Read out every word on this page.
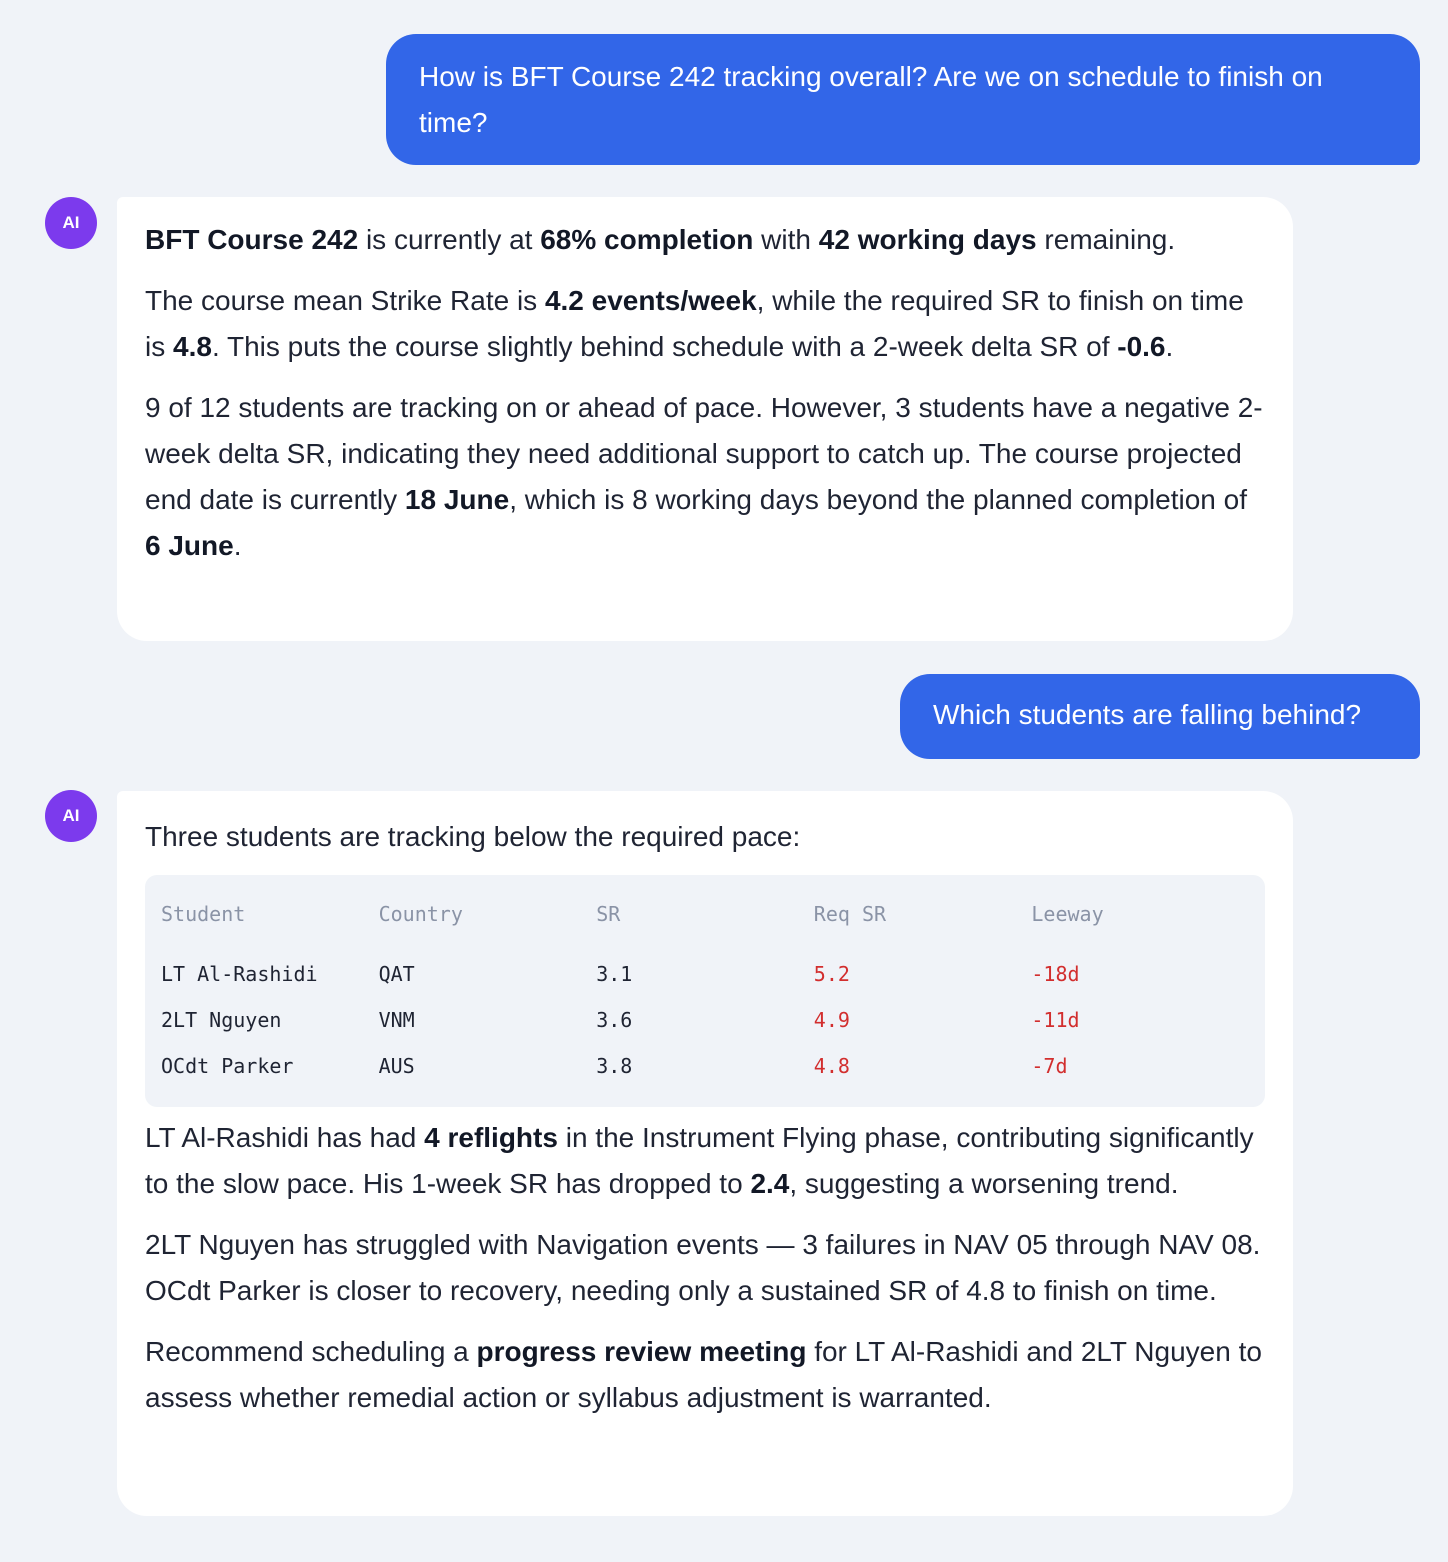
How is BFT Course 242 tracking overall? Are we on schedule to finish on time?
AI

BFT Course 242 is currently at 68% completion with 42 working days remaining.

The course mean Strike Rate is 4.2 events/week, while the required SR to finish on time is 4.8. This puts the course slightly behind schedule with a 2-week delta SR of -0.6.

9 of 12 students are tracking on or ahead of pace. However, 3 students have a negative 2-week delta SR, indicating they need additional support to catch up. The course projected end date is currently 18 June, which is 8 working days beyond the planned completion of 6 June.

Which students are falling behind?
AI

Three students are tracking below the required pace:

Student	Country	SR	Req SR	Leeway
LT Al-Rashidi	QAT	3.1	5.2	-18d
2LT Nguyen	VNM	3.6	4.9	-11d
OCdt Parker	AUS	3.8	4.8	-7d

LT Al-Rashidi has had 4 reflights in the Instrument Flying phase, contributing significantly to the slow pace. His 1-week SR has dropped to 2.4, suggesting a worsening trend.

2LT Nguyen has struggled with Navigation events — 3 failures in NAV 05 through NAV 08. OCdt Parker is closer to recovery, needing only a sustained SR of 4.8 to finish on time.

Recommend scheduling a progress review meeting for LT Al-Rashidi and 2LT Nguyen to assess whether remedial action or syllabus adjustment is warranted.
